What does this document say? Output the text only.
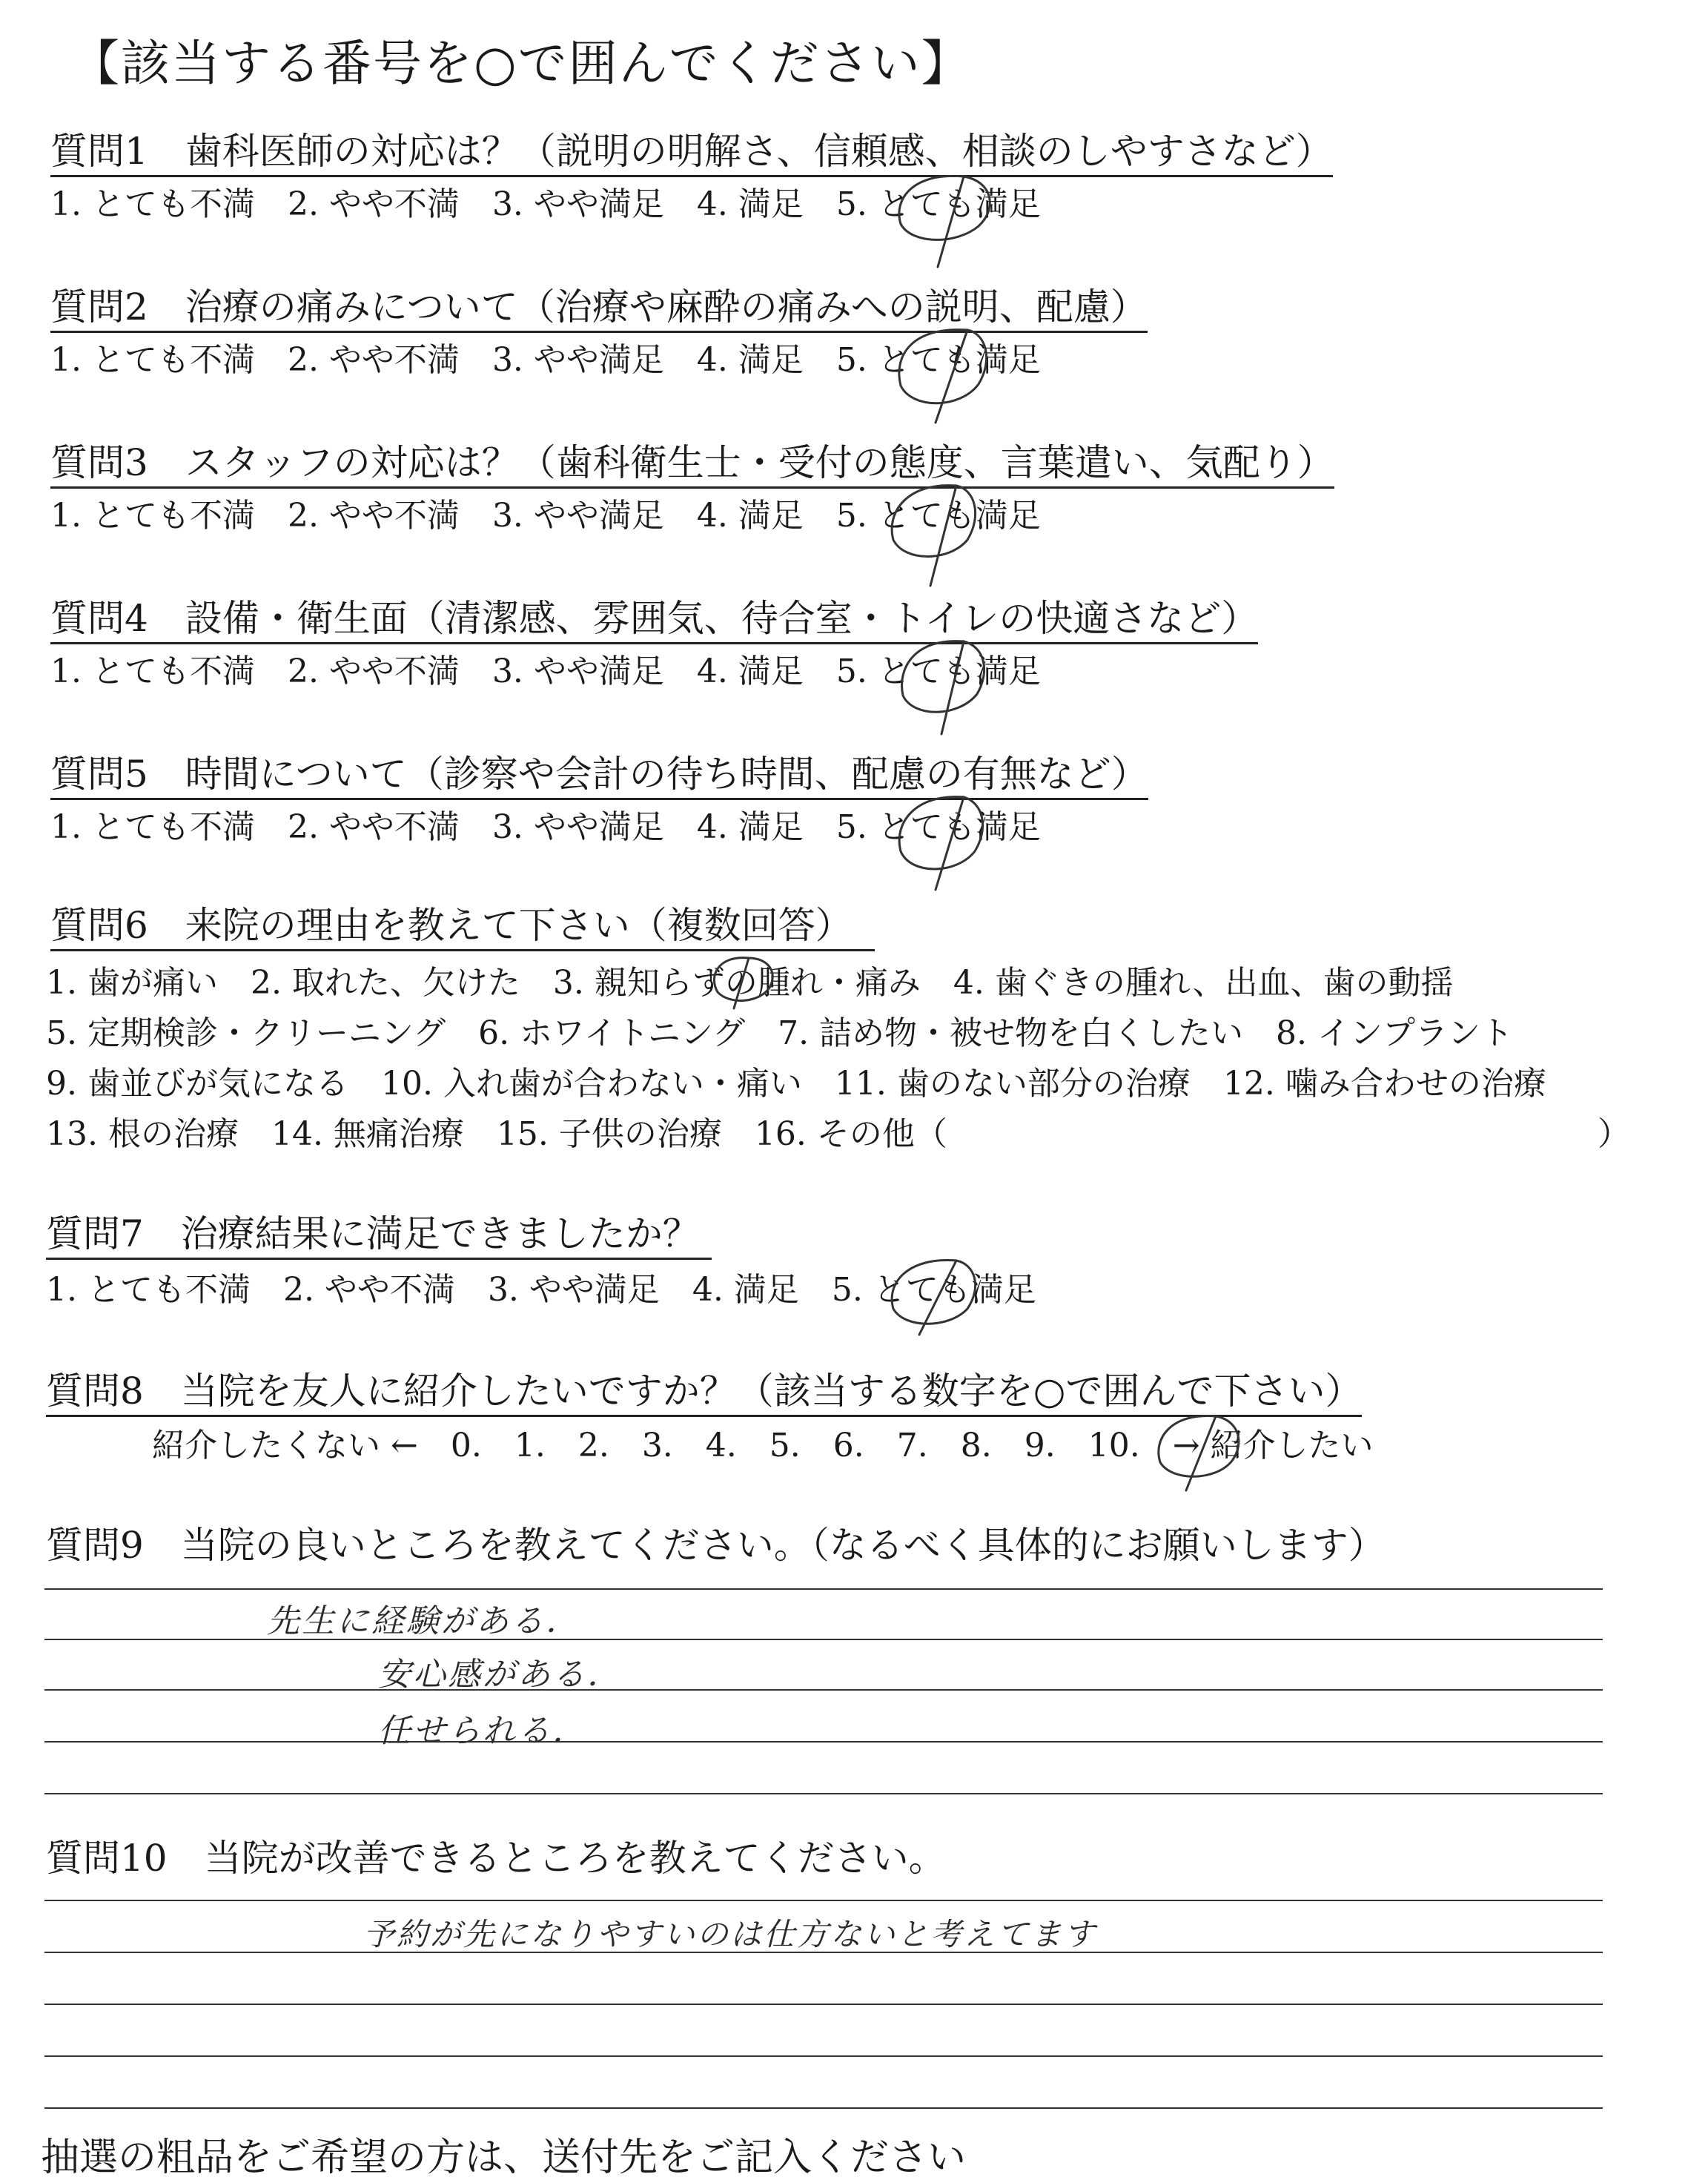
【該当する番号を○で囲んでください】
質問1　歯科医師の対応は？（説明の明解さ、信頼感、相談のしやすさなど）
1. とても不満 2. やや不満 3. やや満足 4. 満足 5. とても満足
質問2　治療の痛みについて（治療や麻酔の痛みへの説明、配慮）
1. とても不満 2. やや不満 3. やや満足 4. 満足 5. とても満足
質問3　スタッフの対応は？（歯科衛生士・受付の態度、言葉遣い、気配り）
1. とても不満 2. やや不満 3. やや満足 4. 満足 5. とても満足
質問4　設備・衛生面（清潔感、雰囲気、待合室・トイレの快適さなど）
1. とても不満 2. やや不満 3. やや満足 4. 満足 5. とても満足
質問5　時間について（診察や会計の待ち時間、配慮の有無など）
1. とても不満 2. やや不満 3. やや満足 4. 満足 5. とても満足
質問6　来院の理由を教えて下さい（複数回答）
1. 歯が痛い　2. 取れた、欠けた　3. 親知らずの腫れ・痛み　4. 歯ぐきの腫れ、出血、歯の動揺
5. 定期検診・クリーニング　6. ホワイトニング　7. 詰め物・被せ物を白くしたい　8. インプラント
9. 歯並びが気になる　10. 入れ歯が合わない・痛い　11. 歯のない部分の治療　12. 噛み合わせの治療
13. 根の治療　14. 無痛治療　15. 子供の治療　16. その他（	）
質問7　治療結果に満足できましたか？
1. とても不満 2. やや不満 3. やや満足 4. 満足 5. とても満足
質問8　当院を友人に紹介したいですか？（該当する数字を○で囲んで下さい）
紹介したくない ← 0. 1. 2. 3. 4. 5. 6. 7. 8. 9. 10. → 紹介したい
質問9　当院の良いところを教えてください。（なるべく具体的にお願いします）
先生に経験がある．
安心感がある．
任せられる．
質問10　当院が改善できるところを教えてください。
予約が先になりやすいのは仕方ないと考えてます
抽選の粗品をご希望の方は、送付先をご記入ください
